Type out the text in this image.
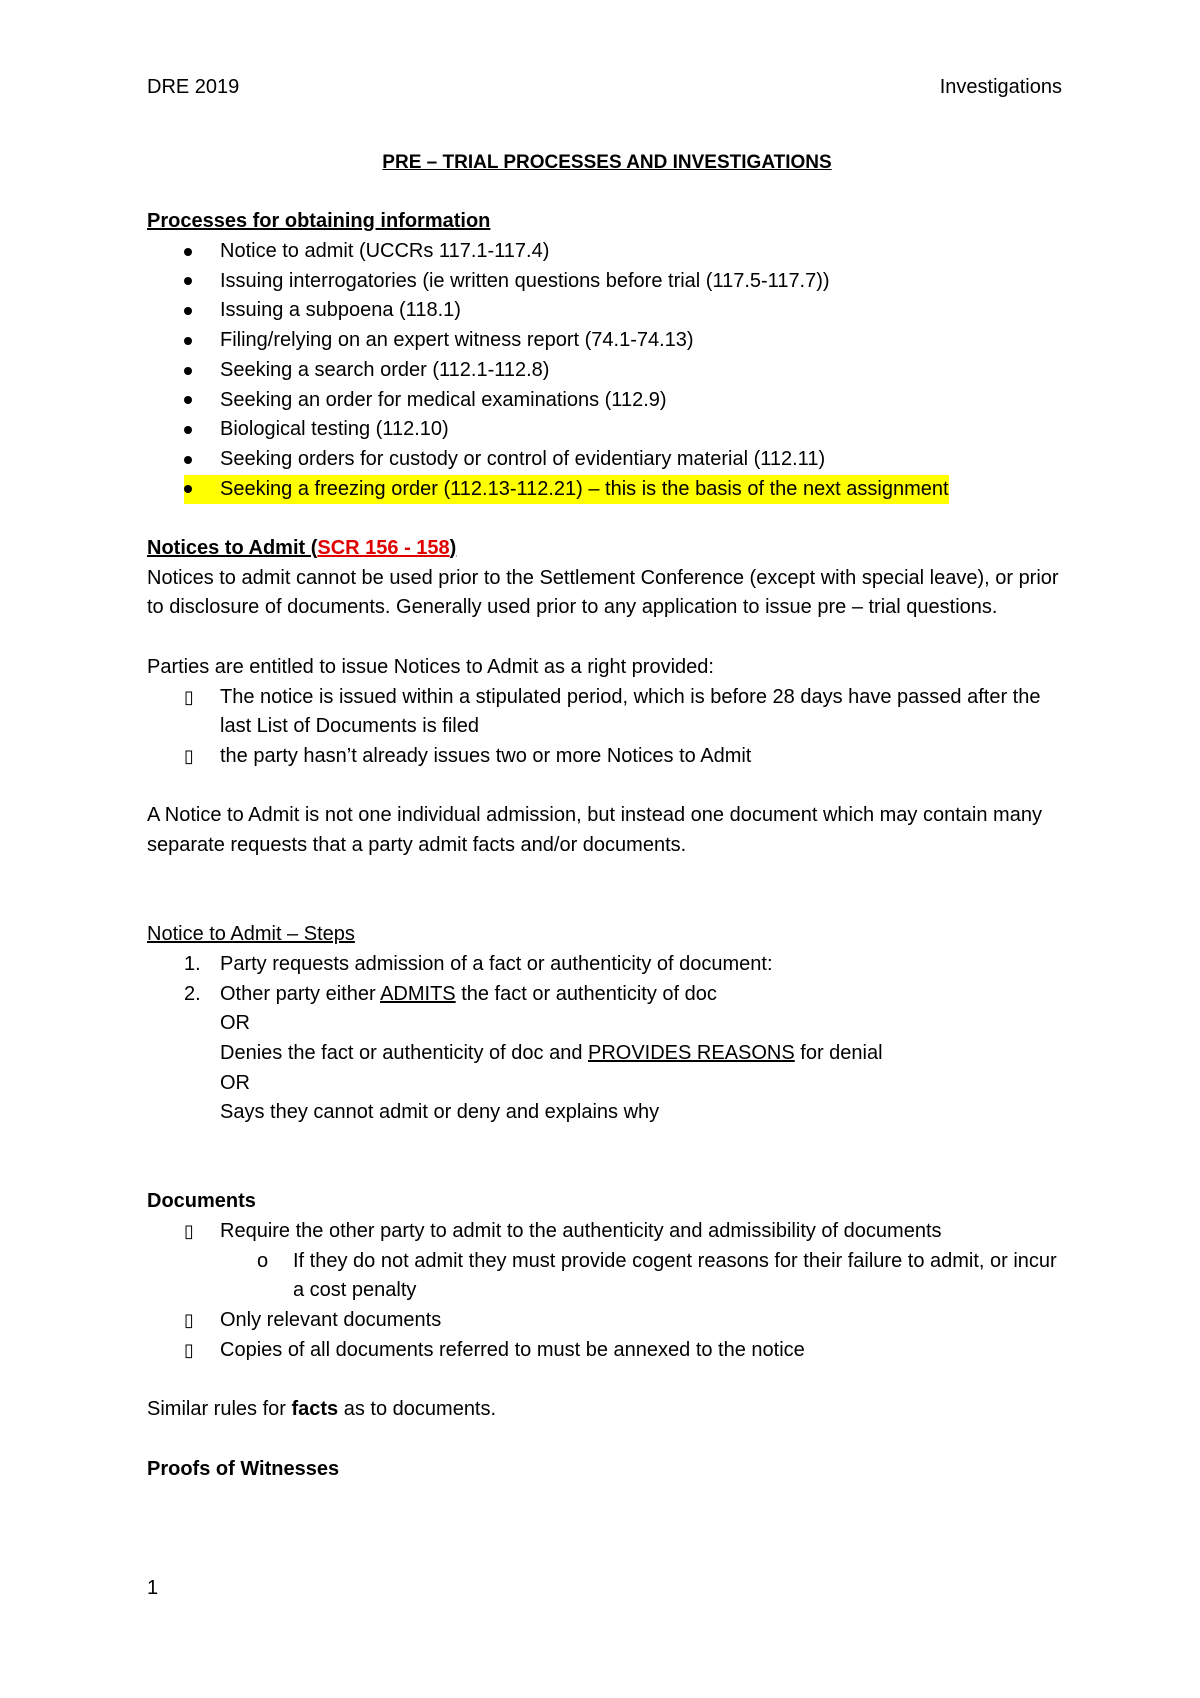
DRE 2019	Investigations
PRE – TRIAL PROCESSES AND INVESTIGATIONS
Processes for obtaining information
Notice to admit (UCCRs 117.1-117.4)
Issuing interrogatories (ie written questions before trial (117.5-117.7))
Issuing a subpoena (118.1)
Filing/relying on an expert witness report (74.1-74.13)
Seeking a search order (112.1-112.8)
Seeking an order for medical examinations (112.9)
Biological testing (112.10)
Seeking orders for custody or control of evidentiary material (112.11)
Seeking a freezing order (112.13-112.21) – this is the basis of the next assignment
Notices to Admit (SCR 156 - 158)
Notices to admit cannot be used prior to the Settlement Conference (except with special leave), or prior to disclosure of documents. Generally used prior to any application to issue pre – trial questions.
Parties are entitled to issue Notices to Admit as a right provided:
▯ The notice is issued within a stipulated period, which is before 28 days have passed after the last List of Documents is filed
▯ the party hasn’t already issues two or more Notices to Admit
A Notice to Admit is not one individual admission, but instead one document which may contain many separate requests that a party admit facts and/or documents.
Notice to Admit – Steps
1. Party requests admission of a fact or authenticity of document:
2. Other party either ADMITS the fact or authenticity of doc
OR
Denies the fact or authenticity of doc and PROVIDES REASONS for denial
OR
Says they cannot admit or deny and explains why
Documents
▯ Require the other party to admit to the authenticity and admissibility of documents
o If they do not admit they must provide cogent reasons for their failure to admit, or incur a cost penalty
▯ Only relevant documents
▯ Copies of all documents referred to must be annexed to the notice
Similar rules for facts as to documents.
Proofs of Witnesses
1
